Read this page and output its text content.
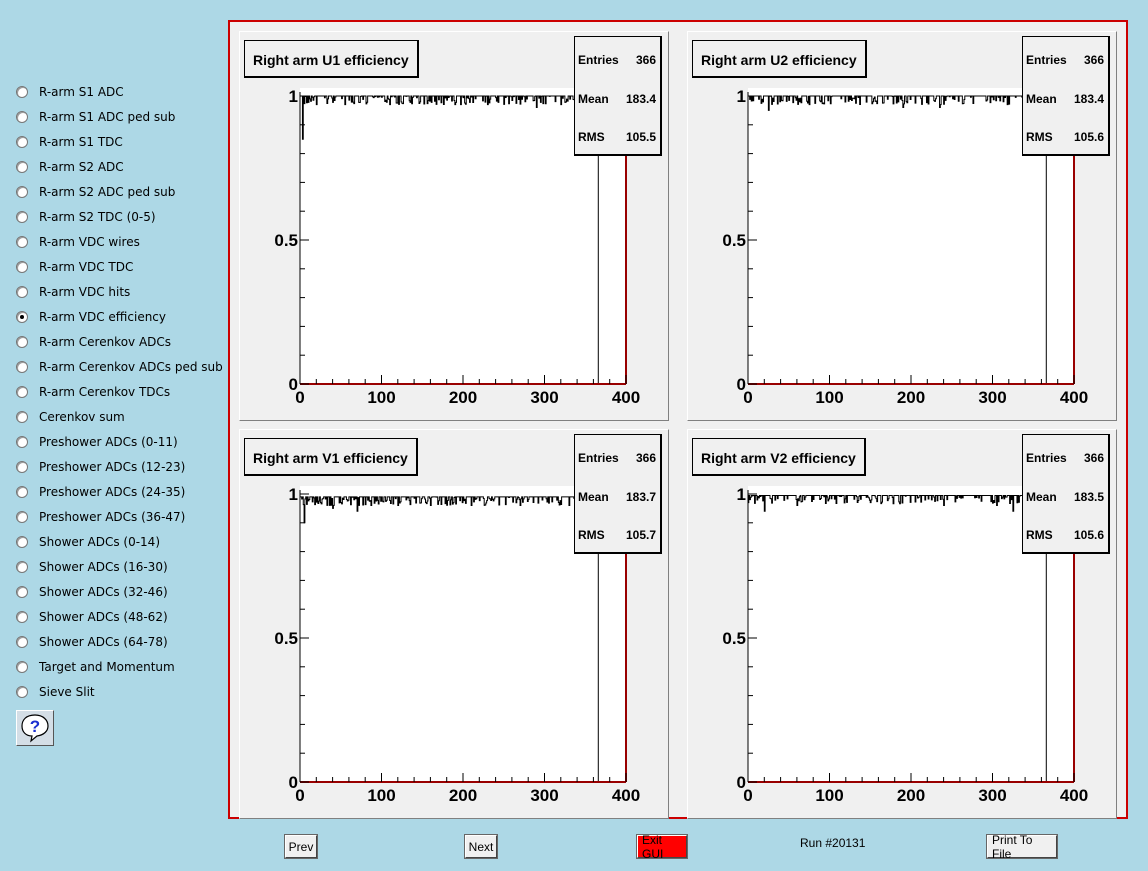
R-arm S1 ADC
R-arm S1 ADC ped sub
R-arm S1 TDC
R-arm S2 ADC
R-arm S2 ADC ped sub
R-arm S2 TDC (0-5)
R-arm VDC wires
R-arm VDC TDC
R-arm VDC hits
R-arm VDC efficiency
R-arm Cerenkov ADCs
R-arm Cerenkov ADCs ped sub
R-arm Cerenkov TDCs
Cerenkov sum
Preshower ADCs (0-11)
Preshower ADCs (12-23)
Preshower ADCs (24-35)
Preshower ADCs (36-47)
Shower ADCs (0-14)
Shower ADCs (16-30)
Shower ADCs (32-46)
Shower ADCs (48-62)
Shower ADCs (64-78)
Target and Momentum
Sieve Slit
?
0	100	200	300	400
0
0.5
1
Right arm U1 efficiency	Entries 366
Mean 183.4
RMS 105.5
0	100	200	300	400
0
0.5
1
Right arm U2 efficiency	Entries 366
Mean 183.4
RMS 105.6
0	100	200	300	400
0
0.5
1
Right arm V1 efficiency	Entries 366
Mean 183.7
RMS 105.7
0	100	200	300	400
0
0.5
1
Right arm V2 efficiency	Entries 366
Mean 183.5
RMS 105.6
Prev	Next	Exit GUI
Run #20131	Print To File
